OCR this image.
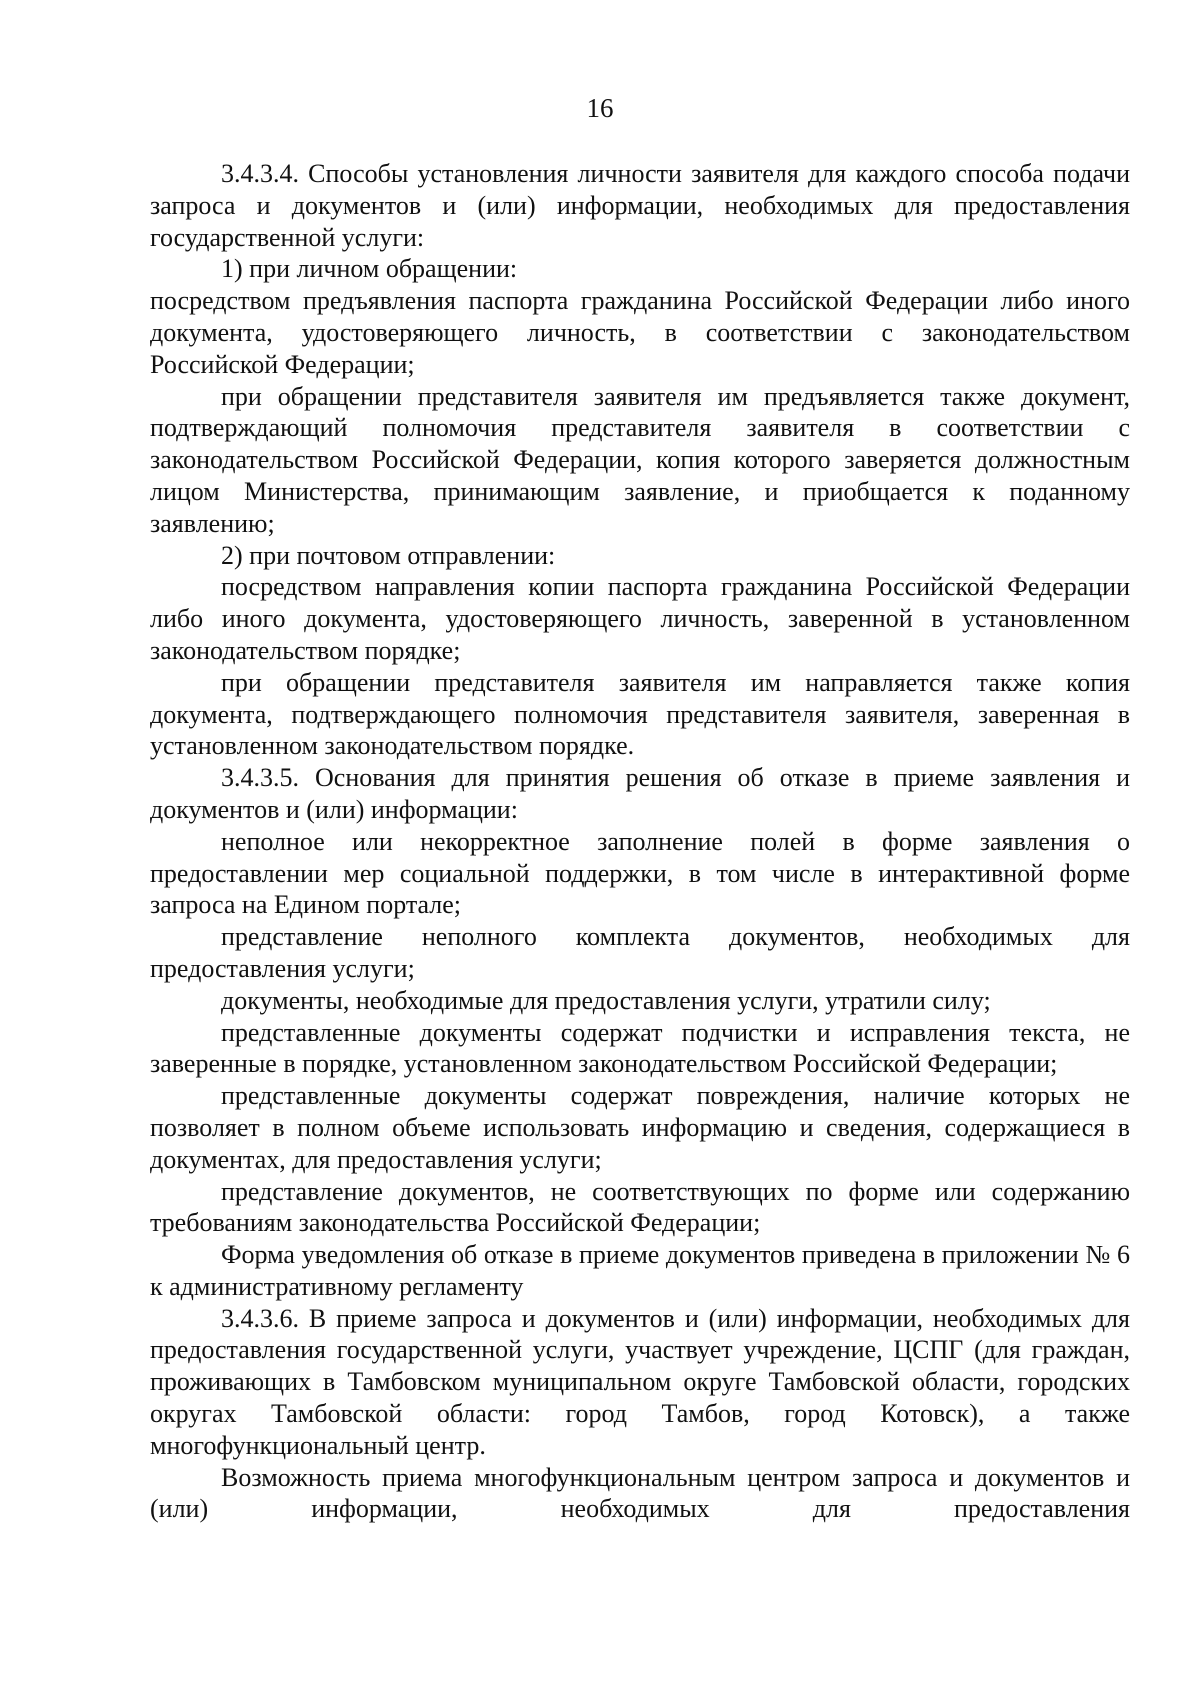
16

3.4.3.4. Способы установления личности заявителя для каждого способа подачи запроса и документов и (или) информации, необходимых для предоставления государственной услуги:

1) при личном обращении:

посредством предъявления паспорта гражданина Российской Федерации либо иного документа, удостоверяющего личность, в соответствии с законодательством Российской Федерации;

при обращении представителя заявителя им предъявляется также документ, подтверждающий полномочия представителя заявителя в соответствии с законодательством Российской Федерации, копия которого заверяется должностным лицом Министерства, принимающим заявление, и приобщается к поданному заявлению;

2) при почтовом отправлении:

посредством направления копии паспорта гражданина Российской Федерации либо иного документа, удостоверяющего личность, заверенной в установленном законодательством порядке;

при обращении представителя заявителя им направляется также копия документа, подтверждающего полномочия представителя заявителя, заверенная в установленном законодательством порядке.

3.4.3.5. Основания для принятия решения об отказе в приеме заявления и документов и (или) информации:

неполное или некорректное заполнение полей в форме заявления о предоставлении мер социальной поддержки, в том числе в интерактивной форме запроса на Едином портале;

представление неполного комплекта документов, необходимых для предоставления услуги;

документы, необходимые для предоставления услуги, утратили силу;

представленные документы содержат подчистки и исправления текста, не заверенные в порядке, установленном законодательством Российской Федерации;

представленные документы содержат повреждения, наличие которых не позволяет в полном объеме использовать информацию и сведения, содержащиеся в документах, для предоставления услуги;

представление документов, не соответствующих по форме или содержанию требованиям законодательства Российской Федерации;

Форма уведомления об отказе в приеме документов приведена в приложении № 6 к административному регламенту

3.4.3.6. В приеме запроса и документов и (или) информации, необходимых для предоставления государственной услуги, участвует учреждение, ЦСПГ (для граждан, проживающих в Тамбовском муниципальном округе Тамбовской области, городских округах Тамбовской области: город Тамбов, город Котовск), а также многофункциональный центр.

Возможность приема многофункциональным центром запроса и документов и (или) информации, необходимых для предоставления
